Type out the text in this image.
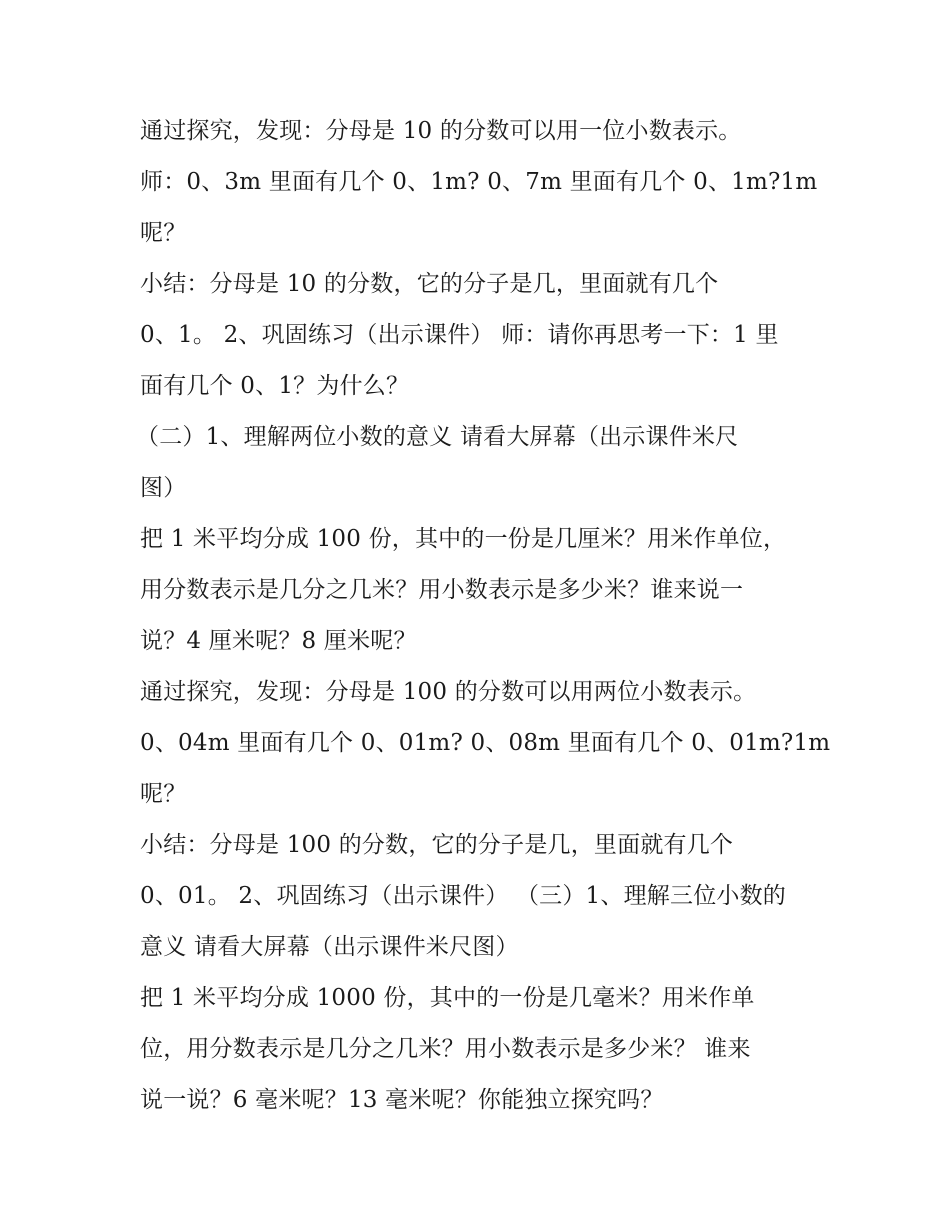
通过探究，发现：分母是 10 的分数可以用一位小数表示。
师：0、3m 里面有几个 0、1m? 0、7m 里面有几个 0、1m?1m
呢？
小结：分母是 10 的分数，它的分子是几，里面就有几个
0、1。 2、巩固练习（出示课件） 师：请你再思考一下：1 里
面有几个 0、1？为什么？
（二）1、理解两位小数的意义 请看大屏幕（出示课件米尺
图）
把 1 米平均分成 100 份，其中的一份是几厘米？用米作单位，
用分数表示是几分之几米？用小数表示是多少米？谁来说一
说？4 厘米呢？8 厘米呢？
通过探究，发现：分母是 100 的分数可以用两位小数表示。
0、04m 里面有几个 0、01m? 0、08m 里面有几个 0、01m?1m
呢？
小结：分母是 100 的分数，它的分子是几，里面就有几个
0、01。 2、巩固练习（出示课件） （三）1、理解三位小数的
意义 请看大屏幕（出示课件米尺图）
把 1 米平均分成 1000 份，其中的一份是几毫米？用米作单
位，用分数表示是几分之几米？用小数表示是多少米？ 谁来
说一说？6 毫米呢？13 毫米呢？你能独立探究吗？
